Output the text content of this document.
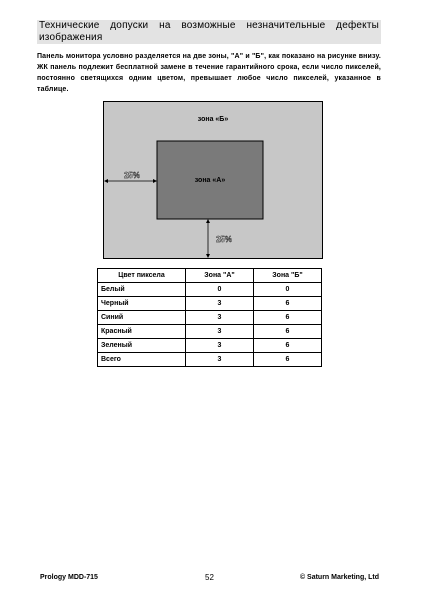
Технические допуски на возможные незначительные дефекты изображения
Панель монитора условно разделяется на две зоны, "А" и "Б", как показано на рисунке внизу. ЖК панель подлежит бесплатной замене в течение гарантийного срока, если число пикселей, постоянно светящихся одним цветом, превышает любое число пикселей, указанное в таблице.
зона «Б»
зона «А»
25%
25%
Цвет пиксела	Зона "А"	Зона "Б"
Белый	0	0
Черный	3	6
Синий	3	6
Красный	3	6
Зеленый	3	6
Всего	3	6
Prology MDD-715	52	© Saturn Marketing, Ltd
